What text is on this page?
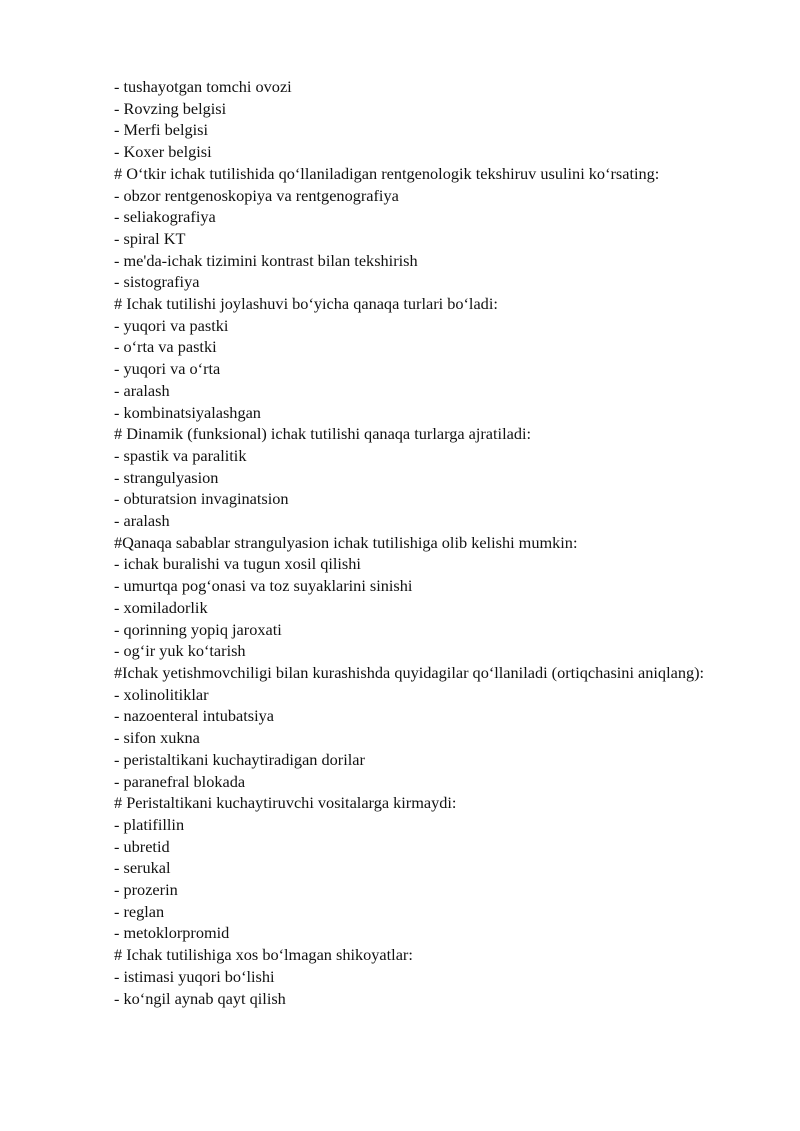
- tushayotgan tomchi ovozi

- Rovzing belgisi

- Merfi belgisi

- Koxer belgisi

# O‘tkir ichak tutilishida qo‘llaniladigan rentgenologik tekshiruv usulini ko‘rsating:

- obzor rentgenoskopiya va rentgenografiya

- seliakografiya

- spiral KT

- me'da-ichak tizimini kontrast bilan tekshirish

- sistografiya

# Ichak tutilishi joylashuvi bo‘yicha qanaqa turlari bo‘ladi:

- yuqori va pastki

- o‘rta va pastki

- yuqori va o‘rta

- aralash

- kombinatsiyalashgan

# Dinamik (funksional) ichak tutilishi qanaqa turlarga ajratiladi:

- spastik va paralitik

- strangulyasion

- obturatsion invaginatsion

- aralash

#Qanaqa sabablar strangulyasion ichak tutilishiga olib kelishi mumkin:

- ichak buralishi va tugun xosil qilishi

- umurtqa pog‘onasi va toz suyaklarini sinishi

- xomiladorlik

- qorinning yopiq jaroxati

- og‘ir yuk ko‘tarish

#Ichak yetishmovchiligi bilan kurashishda quyidagilar qo‘llaniladi (ortiqchasini aniqlang):

- xolinolitiklar

- nazoenteral intubatsiya

- sifon xukna

- peristaltikani kuchaytiradigan dorilar

- paranefral blokada

# Peristaltikani kuchaytiruvchi vositalarga kirmaydi:

- platifillin

- ubretid

- serukal

- prozerin

- reglan

- metoklorpromid

# Ichak tutilishiga xos bo‘lmagan shikoyatlar:

- istimasi yuqori bo‘lishi

- ko‘ngil aynab qayt qilish
